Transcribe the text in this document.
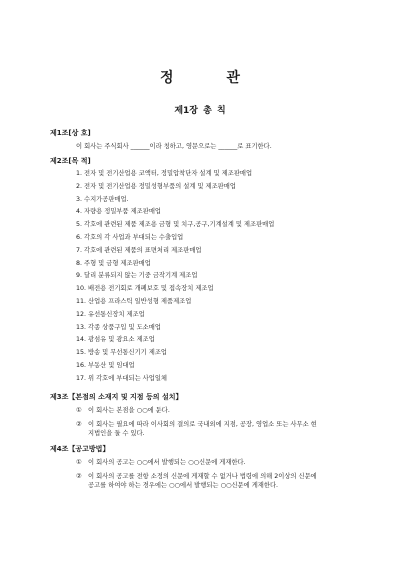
정 관
제1장 총 칙
제1조[상 호]
이 회사는 주식회사 ______이라 칭하고, 영문으로는 ______로 표기한다.
제2조[목 적]
1. 전자 및 전기산업용 코액터, 정밀압착단자 설계 및 제조판매업
2. 전자 및 전기산업용 정밀성형부품의 설계 및 제조판매업
3. 수지가공판매업.
4. 자량용 정밀부품 제조판매업
5. 각호에 관련된 제품 제조용 금형 및 치구,공구,기계설계 및 제조판매업
6. 각호의 각 사업과 부대되는 수출입업
7. 각호에 관련된 제품의 표면처리 제조판매업
8. 주형 및 금형 제조판매업
9. 달리 분류되지 않는 기중 금작기계 제조업
10. 배전용 전기회로 개폐보호 및 접속장치 제조업
11. 산업용 프라스틱 일반성형 제품제조업
12. 유선통신장치 제조업
13. 각종 상품구입 및 도소매업
14. 광섬유 및 광요소 제조업
15. 방송 및 무선통신기기 제조업
16. 부동산 및 임대업
17. 위 각호에 부대되는 사업일체
제3조【본점의 소재지 및 지점 등의 설치】
① 이 회사는 본점을 ○○에 둔다.
② 이 회사는 필요에 따라 이사회의 결의로 국내외에 지점, 공장, 영업소 또는 사무소 현
지법인을 둘 수 있다.
제4조【공고방법】
① 이 회사의 공고는 ○○에서 발행되는 ○○신문에 게재한다.
② 이 회사의 공고를 전항 소정의 신문에 게재할 수 없거나 법령에 의해 2이상의 신문에
공고를 하여야 하는 경우에는 ○○에서 발행되는 ○○신문에 게재한다.
